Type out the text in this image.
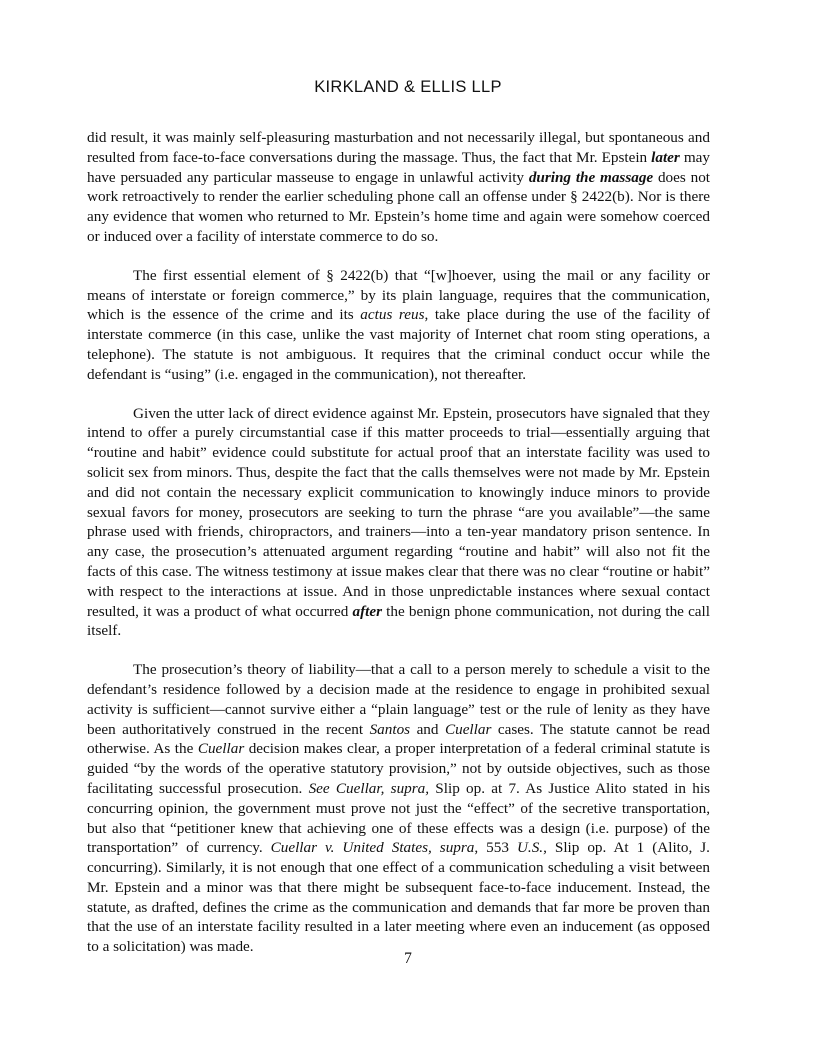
KIRKLAND & ELLIS LLP

did result, it was mainly self-pleasuring masturbation and not necessarily illegal, but spontaneous and resulted from face-to-face conversations during the massage. Thus, the fact that Mr. Epstein later may have persuaded any particular masseuse to engage in unlawful activity during the massage does not work retroactively to render the earlier scheduling phone call an offense under § 2422(b). Nor is there any evidence that women who returned to Mr. Epstein’s home time and again were somehow coerced or induced over a facility of interstate commerce to do so.

The first essential element of § 2422(b) that “[w]hoever, using the mail or any facility or means of interstate or foreign commerce,” by its plain language, requires that the communication, which is the essence of the crime and its actus reus, take place during the use of the facility of interstate commerce (in this case, unlike the vast majority of Internet chat room sting operations, a telephone). The statute is not ambiguous. It requires that the criminal conduct occur while the defendant is “using” (i.e. engaged in the communication), not thereafter.

Given the utter lack of direct evidence against Mr. Epstein, prosecutors have signaled that they intend to offer a purely circumstantial case if this matter proceeds to trial—essentially arguing that “routine and habit” evidence could substitute for actual proof that an interstate facility was used to solicit sex from minors. Thus, despite the fact that the calls themselves were not made by Mr. Epstein and did not contain the necessary explicit communication to knowingly induce minors to provide sexual favors for money, prosecutors are seeking to turn the phrase “are you available”—the same phrase used with friends, chiropractors, and trainers—into a ten-year mandatory prison sentence. In any case, the prosecution’s attenuated argument regarding “routine and habit” will also not fit the facts of this case. The witness testimony at issue makes clear that there was no clear “routine or habit” with respect to the interactions at issue. And in those unpredictable instances where sexual contact resulted, it was a product of what occurred after the benign phone communication, not during the call itself.

The prosecution’s theory of liability—that a call to a person merely to schedule a visit to the defendant’s residence followed by a decision made at the residence to engage in prohibited sexual activity is sufficient—cannot survive either a “plain language” test or the rule of lenity as they have been authoritatively construed in the recent Santos and Cuellar cases. The statute cannot be read otherwise. As the Cuellar decision makes clear, a proper interpretation of a federal criminal statute is guided “by the words of the operative statutory provision,” not by outside objectives, such as those facilitating successful prosecution. See Cuellar, supra, Slip op. at 7. As Justice Alito stated in his concurring opinion, the government must prove not just the “effect” of the secretive transportation, but also that “petitioner knew that achieving one of these effects was a design (i.e. purpose) of the transportation” of currency. Cuellar v. United States, supra, 553 U.S., Slip op. At 1 (Alito, J. concurring). Similarly, it is not enough that one effect of a communication scheduling a visit between Mr. Epstein and a minor was that there might be subsequent face-to-face inducement. Instead, the statute, as drafted, defines the crime as the communication and demands that far more be proven than that the use of an interstate facility resulted in a later meeting where even an inducement (as opposed to a solicitation) was made.

7
